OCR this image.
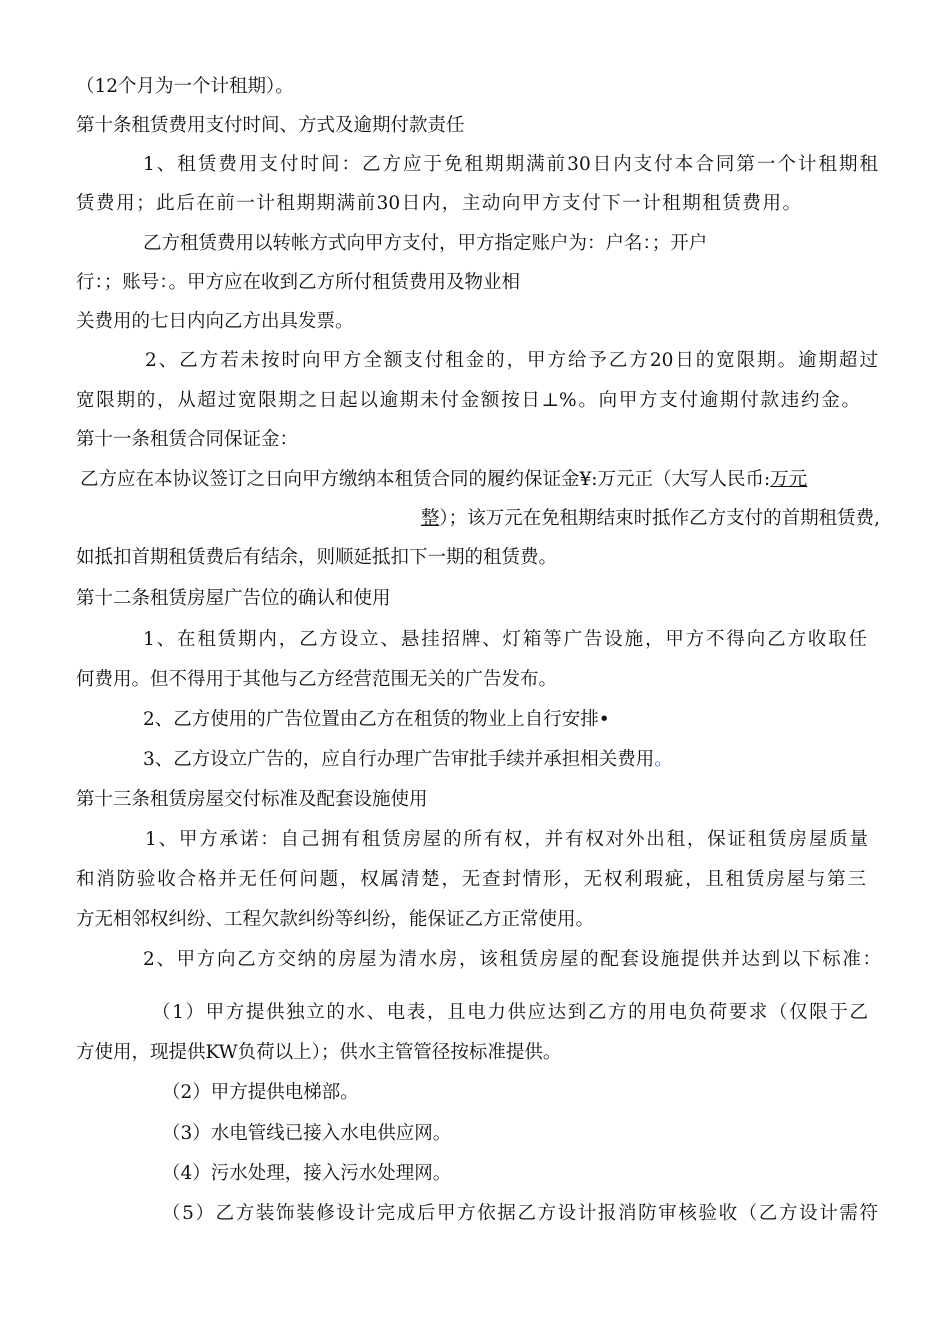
（12个月为一个计租期）。
第十条租赁费用支付时间、方式及逾期付款责任
1、租赁费用支付时间：乙方应于免租期期满前30日内支付本合同第一个计租期租
赁费用；此后在前一计租期期满前30日内，主动向甲方支付下一计租期租赁费用。
乙方租赁费用以转帐方式向甲方支付，甲方指定账户为：户名：；开户
行：；账号：。甲方应在收到乙方所付租赁费用及物业相
关费用的七日内向乙方出具发票。
2、乙方若未按时向甲方全额支付租金的，甲方给予乙方20日的宽限期。逾期超过
宽限期的，从超过宽限期之日起以逾期未付金额按日⊥%。向甲方支付逾期付款违约金。
第十一条租赁合同保证金：
乙方应在本协议签订之日向甲方缴纳本租赁合同的履约保证金¥:万元正（大写人民币:万元
整）；该万元在免租期结束时抵作乙方支付的首期租赁费,
如抵扣首期租赁费后有结余，则顺延抵扣下一期的租赁费。
第十二条租赁房屋广告位的确认和使用
1、在租赁期内，乙方设立、悬挂招牌、灯箱等广告设施，甲方不得向乙方收取任
何费用。但不得用于其他与乙方经营范围无关的广告发布。
2、乙方使用的广告位置由乙方在租赁的物业上自行安排•
3、乙方设立广告的，应自行办理广告审批手续并承担相关费用。
第十三条租赁房屋交付标准及配套设施使用
1、甲方承诺：自己拥有租赁房屋的所有权，并有权对外出租，保证租赁房屋质量
和消防验收合格并无任何问题，权属清楚，无查封情形，无权利瑕疵，且租赁房屋与第三
方无相邻权纠纷、工程欠款纠纷等纠纷，能保证乙方正常使用。
2、甲方向乙方交纳的房屋为清水房，该租赁房屋的配套设施提供并达到以下标准：
（1）甲方提供独立的水、电表，且电力供应达到乙方的用电负荷要求（仅限于乙
方使用，现提供KW负荷以上）；供水主管管径按标准提供。
（2）甲方提供电梯部。
（3）水电管线已接入水电供应网。
（4）污水处理，接入污水处理网。
（5）乙方装饰装修设计完成后甲方依据乙方设计报消防审核验收（乙方设计需符
